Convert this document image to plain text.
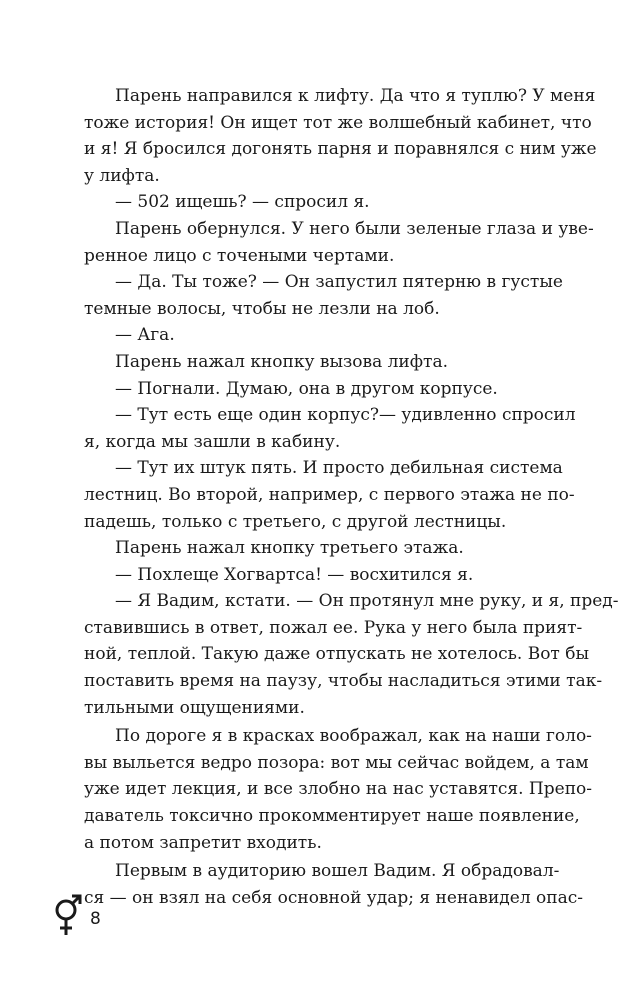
Парень направился к лифту. Да что я туплю? У меня
тоже история! Он ищет тот же волшебный кабинет, что
и я! Я бросился догонять парня и поравнялся с ним уже
у лифта.
— 502 ищешь? — спросил я.
Парень обернулся. У него были зеленые глаза и уве-
ренное лицо с точеными чертами.
— Да. Ты тоже? — Он запустил пятерню в густые
темные волосы, чтобы не лезли на лоб.
— Ага.
Парень нажал кнопку вызова лифта.
— Погнали. Думаю, она в другом корпусе.
— Тут есть еще один корпус?— удивленно спросил
я, когда мы зашли в кабину.
— Тут их штук пять. И просто дебильная система
лестниц. Во второй, например, с первого этажа не по-
падешь, только с третьего, с другой лестницы.
Парень нажал кнопку третьего этажа.
— Похлеще Хогвартса! — восхитился я.
— Я Вадим, кстати. — Он протянул мне руку, и я, пред-
ставившись в ответ, пожал ее. Рука у него была прият-
ной, теплой. Такую даже отпускать не хотелось. Вот бы
поставить время на паузу, чтобы насладиться этими так-
тильными ощущениями.
По дороге я в красках воображал, как на наши голо-
вы выльется ведро позора: вот мы сейчас войдем, а там
уже идет лекция, и все злобно на нас уставятся. Препо-
даватель токсично прокомментирует наше появление,
а потом запретит входить.
Первым в аудиторию вошел Вадим. Я обрадовал-
ся — он взял на себя основной удар; я ненавидел опас-
8
